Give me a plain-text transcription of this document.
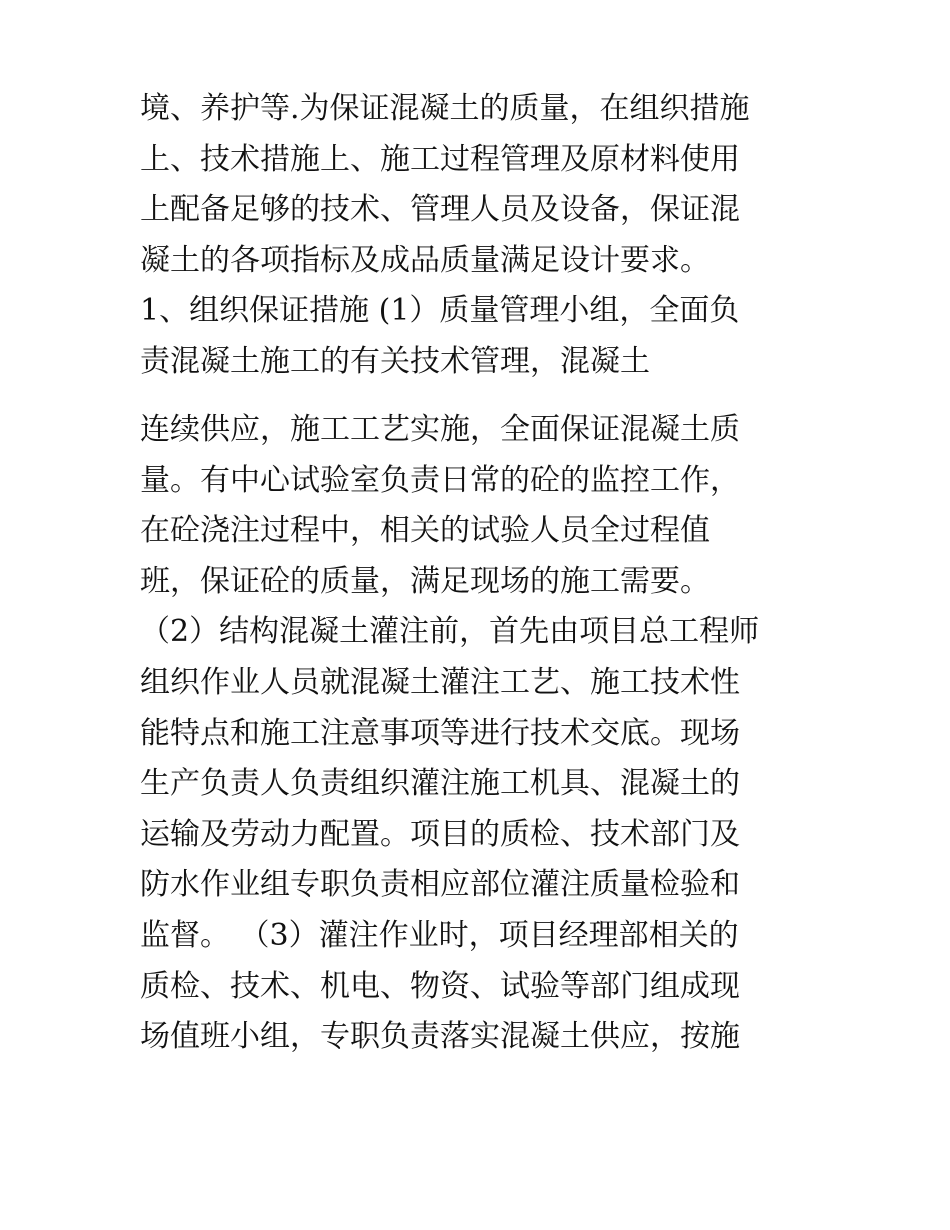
境、养护等.为保证混凝土的质量，在组织措施
上、技术措施上、施工过程管理及原材料使用
上配备足够的技术、管理人员及设备，保证混
凝土的各项指标及成品质量满足设计要求。
1、组织保证措施 (1）质量管理小组，全面负
责混凝土施工的有关技术管理，混凝土
连续供应，施工工艺实施，全面保证混凝土质
量。有中心试验室负责日常的砼的监控工作，
在砼浇注过程中，相关的试验人员全过程值
班，保证砼的质量，满足现场的施工需要。
（2）结构混凝土灌注前，首先由项目总工程师
组织作业人员就混凝土灌注工艺、施工技术性
能特点和施工注意事项等进行技术交底。现场
生产负责人负责组织灌注施工机具、混凝土的
运输及劳动力配置。项目的质检、技术部门及
防水作业组专职负责相应部位灌注质量检验和
监督。 （3）灌注作业时，项目经理部相关的
质检、技术、机电、物资、试验等部门组成现
场值班小组，专职负责落实混凝土供应，按施
